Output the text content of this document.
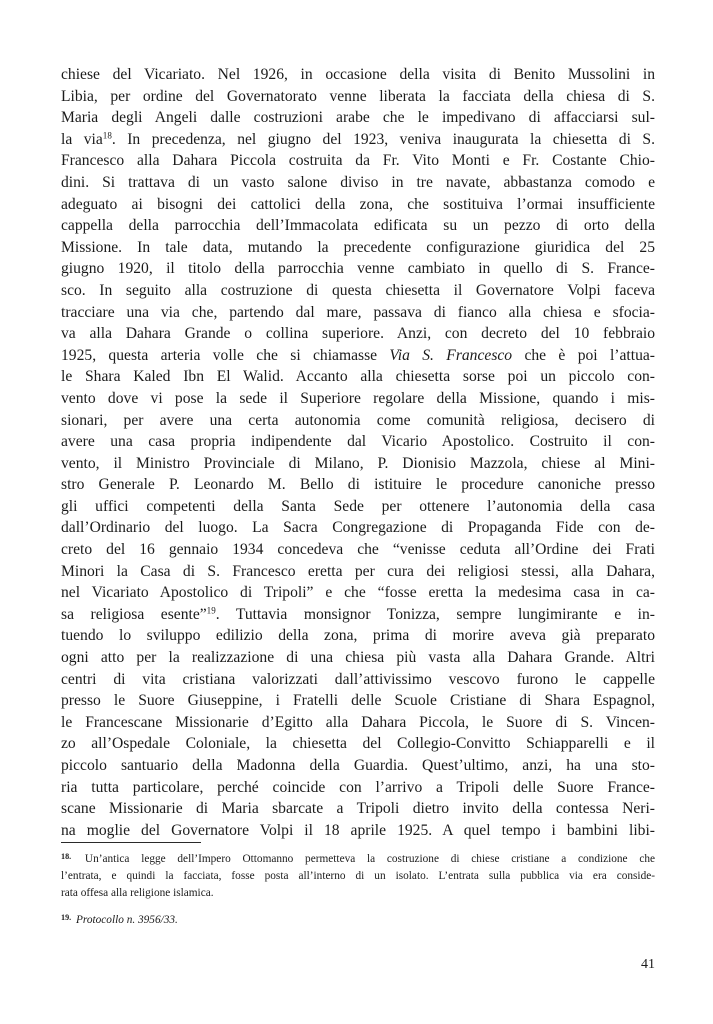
chiese del Vicariato. Nel 1926, in occasione della visita di Benito Mussolini in
Libia, per ordine del Governatorato venne liberata la facciata della chiesa di S.
Maria degli Angeli dalle costruzioni arabe che le impedivano di affacciarsi sul-
la via$^{18}$. In precedenza, nel giugno del 1923, veniva inaugurata la chiesetta di S.
Francesco alla Dahara Piccola costruita da Fr. Vito Monti e Fr. Costante Chio-
dini. Si trattava di un vasto salone diviso in tre navate, abbastanza comodo e
adeguato ai bisogni dei cattolici della zona, che sostituiva l’ormai insufficiente
cappella della parrocchia dell’Immacolata edificata su un pezzo di orto della
Missione. In tale data, mutando la precedente configurazione giuridica del 25
giugno 1920, il titolo della parrocchia venne cambiato in quello di S. France-
sco. In seguito alla costruzione di questa chiesetta il Governatore Volpi faceva
tracciare una via che, partendo dal mare, passava di fianco alla chiesa e sfocia-
va alla Dahara Grande o collina superiore. Anzi, con decreto del 10 febbraio
1925, questa arteria volle che si chiamasse Via S. Francesco che è poi l’attua-
le Shara Kaled Ibn El Walid. Accanto alla chiesetta sorse poi un piccolo con-
vento dove vi pose la sede il Superiore regolare della Missione, quando i mis-
sionari, per avere una certa autonomia come comunità religiosa, decisero di
avere una casa propria indipendente dal Vicario Apostolico. Costruito il con-
vento, il Ministro Provinciale di Milano, P. Dionisio Mazzola, chiese al Mini-
stro Generale P. Leonardo M. Bello di istituire le procedure canoniche presso
gli uffici competenti della Santa Sede per ottenere l’autonomia della casa
dall’Ordinario del luogo. La Sacra Congregazione di Propaganda Fide con de-
creto del 16 gennaio 1934 concedeva che “venisse ceduta all’Ordine dei Frati
Minori la Casa di S. Francesco eretta per cura dei religiosi stessi, alla Dahara,
nel Vicariato Apostolico di Tripoli” e che “fosse eretta la medesima casa in ca-
sa religiosa esente”$^{19}$. Tuttavia monsignor Tonizza, sempre lungimirante e in-
tuendo lo sviluppo edilizio della zona, prima di morire aveva già preparato
ogni atto per la realizzazione di una chiesa più vasta alla Dahara Grande. Altri
centri di vita cristiana valorizzati dall’attivissimo vescovo furono le cappelle
presso le Suore Giuseppine, i Fratelli delle Scuole Cristiane di Shara Espagnol,
le Francescane Missionarie d’Egitto alla Dahara Piccola, le Suore di S. Vincen-
zo all’Ospedale Coloniale, la chiesetta del Collegio-Convitto Schiapparelli e il
piccolo santuario della Madonna della Guardia. Quest’ultimo, anzi, ha una sto-
ria tutta particolare, perché coincide con l’arrivo a Tripoli delle Suore France-
scane Missionarie di Maria sbarcate a Tripoli dietro invito della contessa Neri-
na moglie del Governatore Volpi il 18 aprile 1925. A quel tempo i bambini libi-
$^{18.}$ Un’antica legge dell’Impero Ottomanno permetteva la costruzione di chiese cristiane a condizione che
l’entrata, e quindi la facciata, fosse posta all’interno di un isolato. L’entrata sulla pubblica via era conside-
rata offesa alla religione islamica.
$^{19.}$ Protocollo n. 3956/33.
41
